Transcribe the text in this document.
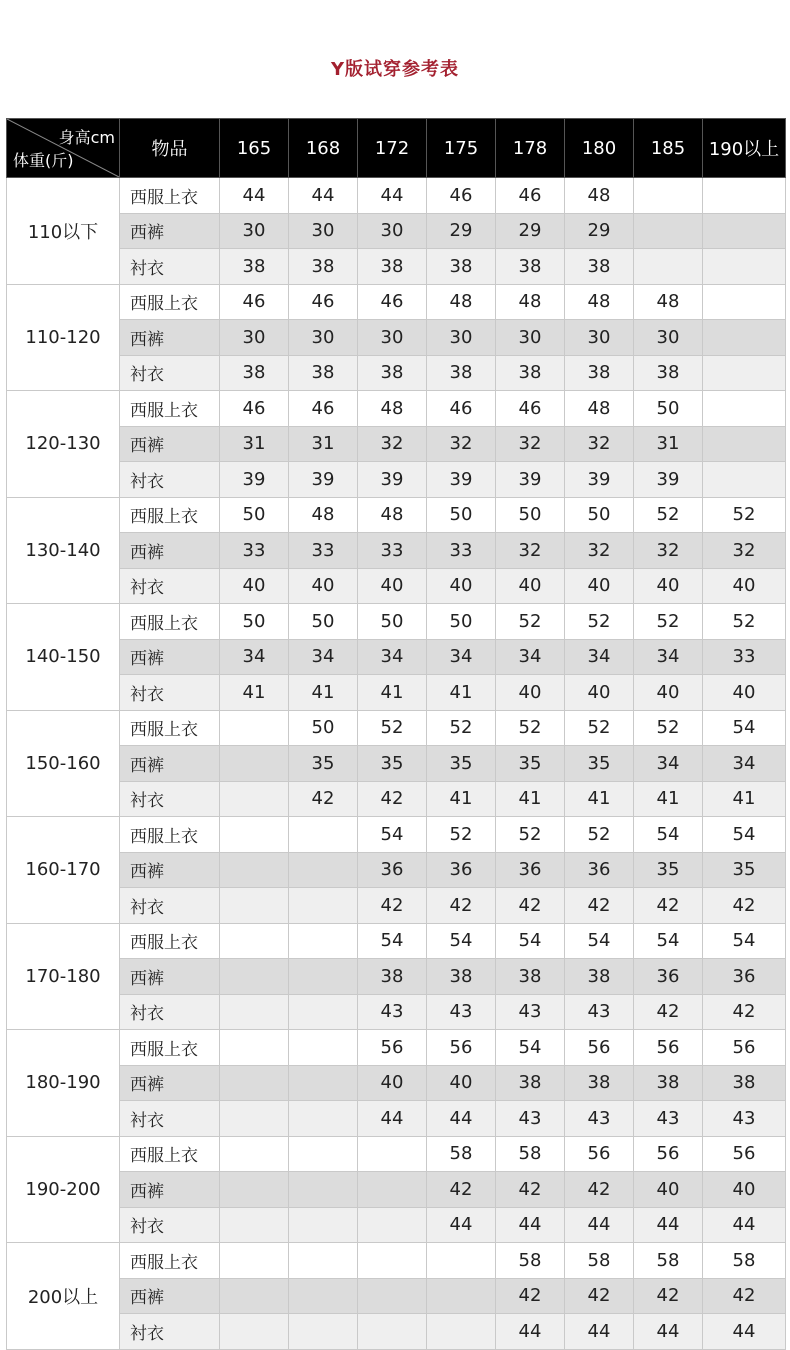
Y版试穿参考表
身高cm
体重(斤)	物品	165	168	172	175	178	180	185	190以上
110以下	西服上衣	44	44	44	46	46	48		
	西裤	30	30	30	29	29	29		
	衬衣	38	38	38	38	38	38		
110-120	西服上衣	46	46	46	48	48	48	48	
	西裤	30	30	30	30	30	30	30	
	衬衣	38	38	38	38	38	38	38	
120-130	西服上衣	46	46	48	46	46	48	50	
	西裤	31	31	32	32	32	32	31	
	衬衣	39	39	39	39	39	39	39	
130-140	西服上衣	50	48	48	50	50	50	52	52
	西裤	33	33	33	33	32	32	32	32
	衬衣	40	40	40	40	40	40	40	40
140-150	西服上衣	50	50	50	50	52	52	52	52
	西裤	34	34	34	34	34	34	34	33
	衬衣	41	41	41	41	40	40	40	40
150-160	西服上衣		50	52	52	52	52	52	54
	西裤		35	35	35	35	35	34	34
	衬衣		42	42	41	41	41	41	41
160-170	西服上衣			54	52	52	52	54	54
	西裤			36	36	36	36	35	35
	衬衣			42	42	42	42	42	42
170-180	西服上衣			54	54	54	54	54	54
	西裤			38	38	38	38	36	36
	衬衣			43	43	43	43	42	42
180-190	西服上衣			56	56	54	56	56	56
	西裤			40	40	38	38	38	38
	衬衣			44	44	43	43	43	43
190-200	西服上衣				58	58	56	56	56
	西裤				42	42	42	40	40
	衬衣				44	44	44	44	44
200以上	西服上衣					58	58	58	58
	西裤					42	42	42	42
	衬衣					44	44	44	44
